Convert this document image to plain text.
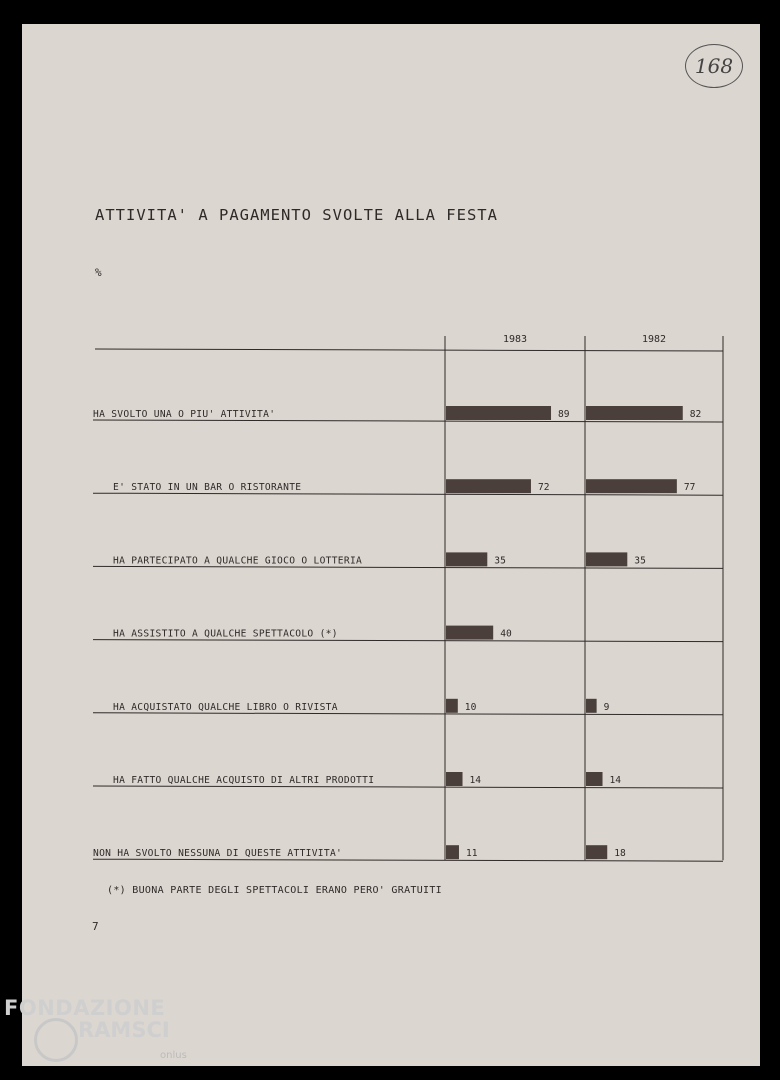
168
ATTIVITA' A PAGAMENTO SVOLTE ALLA FESTA
%
1983	1982
HA SVOLTO UNA O PIU' ATTIVITA'	89	82
E' STATO IN UN BAR O RISTORANTE	72	77
HA PARTECIPATO A QUALCHE GIOCO O LOTTERIA	35	35
HA ASSISTITO A QUALCHE SPETTACOLO (*)	40
HA ACQUISTATO QUALCHE LIBRO O RIVISTA	10	9
HA FATTO QUALCHE ACQUISTO DI ALTRI PRODOTTI	14	14
NON HA SVOLTO NESSUNA DI QUESTE ATTIVITA'	11	18
(*) BUONA PARTE DEGLI SPETTACOLI ERANO PERO' GRATUITI
7
FONDAZIONE
RAMSCI
onlus
